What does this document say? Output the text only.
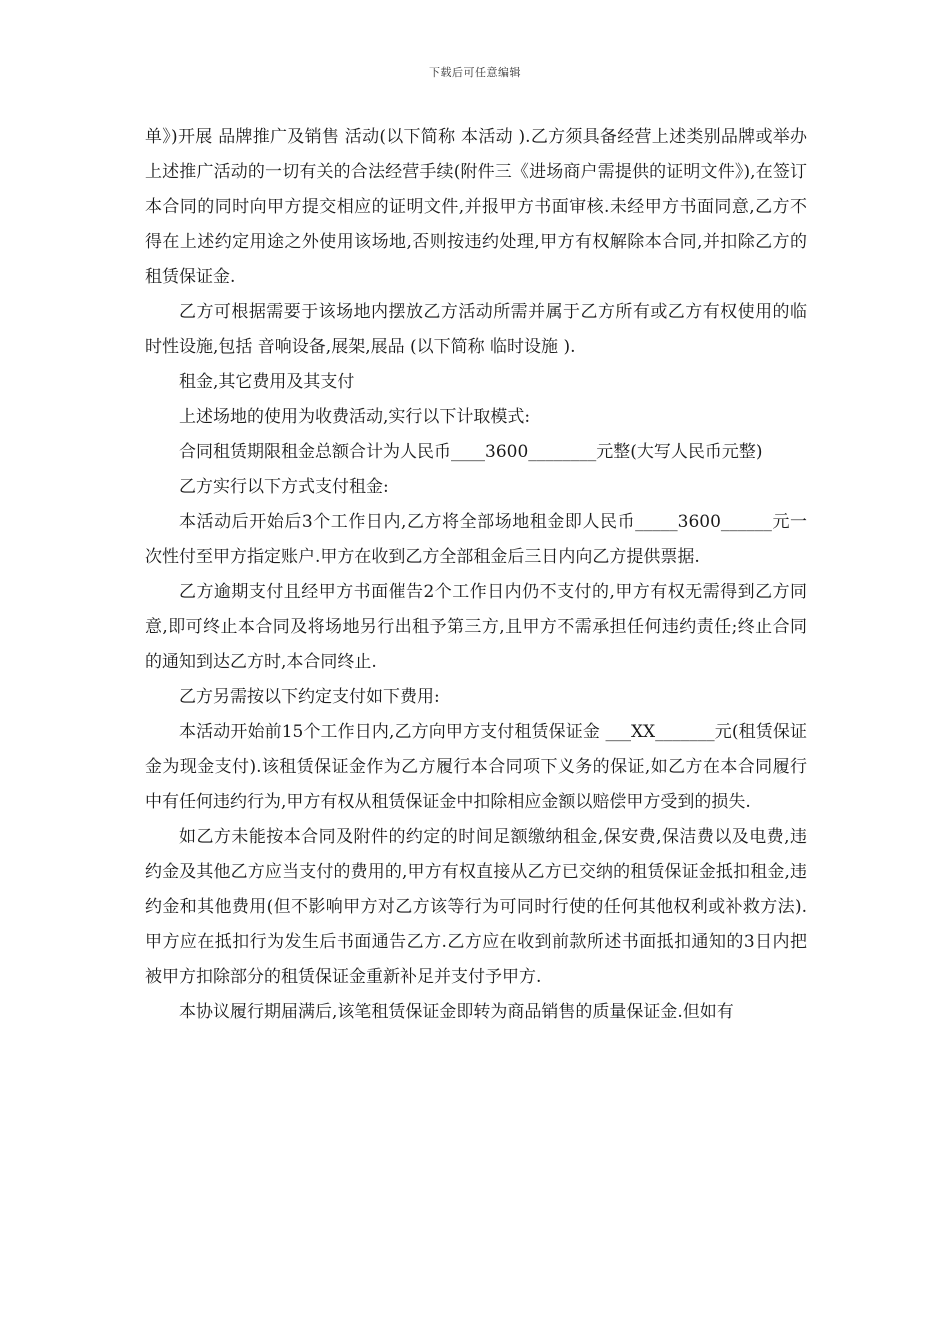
下载后可任意编辑

单》)开展 品牌推广及销售 活动(以下简称 本活动 ).乙方须具备经营上述类别品牌或举办上述推广活动的一切有关的合法经营手续(附件三《进场商户需提供的证明文件》),在签订本合同的同时向甲方提交相应的证明文件,并报甲方书面审核.未经甲方书面同意,乙方不得在上述约定用途之外使用该场地,否则按违约处理,甲方有权解除本合同,并扣除乙方的租赁保证金.

乙方可根据需要于该场地内摆放乙方活动所需并属于乙方所有或乙方有权使用的临时性设施,包括 音响设备,展架,展品 (以下简称 临时设施 ).

租金,其它费用及其支付

上述场地的使用为收费活动,实行以下计取模式:

合同租赁期限租金总额合计为人民币____3600________元整(大写人民币元整)

乙方实行以下方式支付租金:

本活动后开始后3个工作日内,乙方将全部场地租金即人民币_____3600______元一次性付至甲方指定账户.甲方在收到乙方全部租金后三日内向乙方提供票据.

乙方逾期支付且经甲方书面催告2个工作日内仍不支付的,甲方有权无需得到乙方同意,即可终止本合同及将场地另行出租予第三方,且甲方不需承担任何违约责任;终止合同的通知到达乙方时,本合同终止.

乙方另需按以下约定支付如下费用:

本活动开始前15个工作日内,乙方向甲方支付租赁保证金 ___XX_______元(租赁保证金为现金支付).该租赁保证金作为乙方履行本合同项下义务的保证,如乙方在本合同履行中有任何违约行为,甲方有权从租赁保证金中扣除相应金额以赔偿甲方受到的损失.

如乙方未能按本合同及附件的约定的时间足额缴纳租金,保安费,保洁费以及电费,违约金及其他乙方应当支付的费用的,甲方有权直接从乙方已交纳的租赁保证金抵扣租金,违约金和其他费用(但不影响甲方对乙方该等行为可同时行使的任何其他权利或补救方法).甲方应在抵扣行为发生后书面通告乙方.乙方应在收到前款所述书面抵扣通知的3日内把被甲方扣除部分的租赁保证金重新补足并支付予甲方.

本协议履行期届满后,该笔租赁保证金即转为商品销售的质量保证金.但如有
